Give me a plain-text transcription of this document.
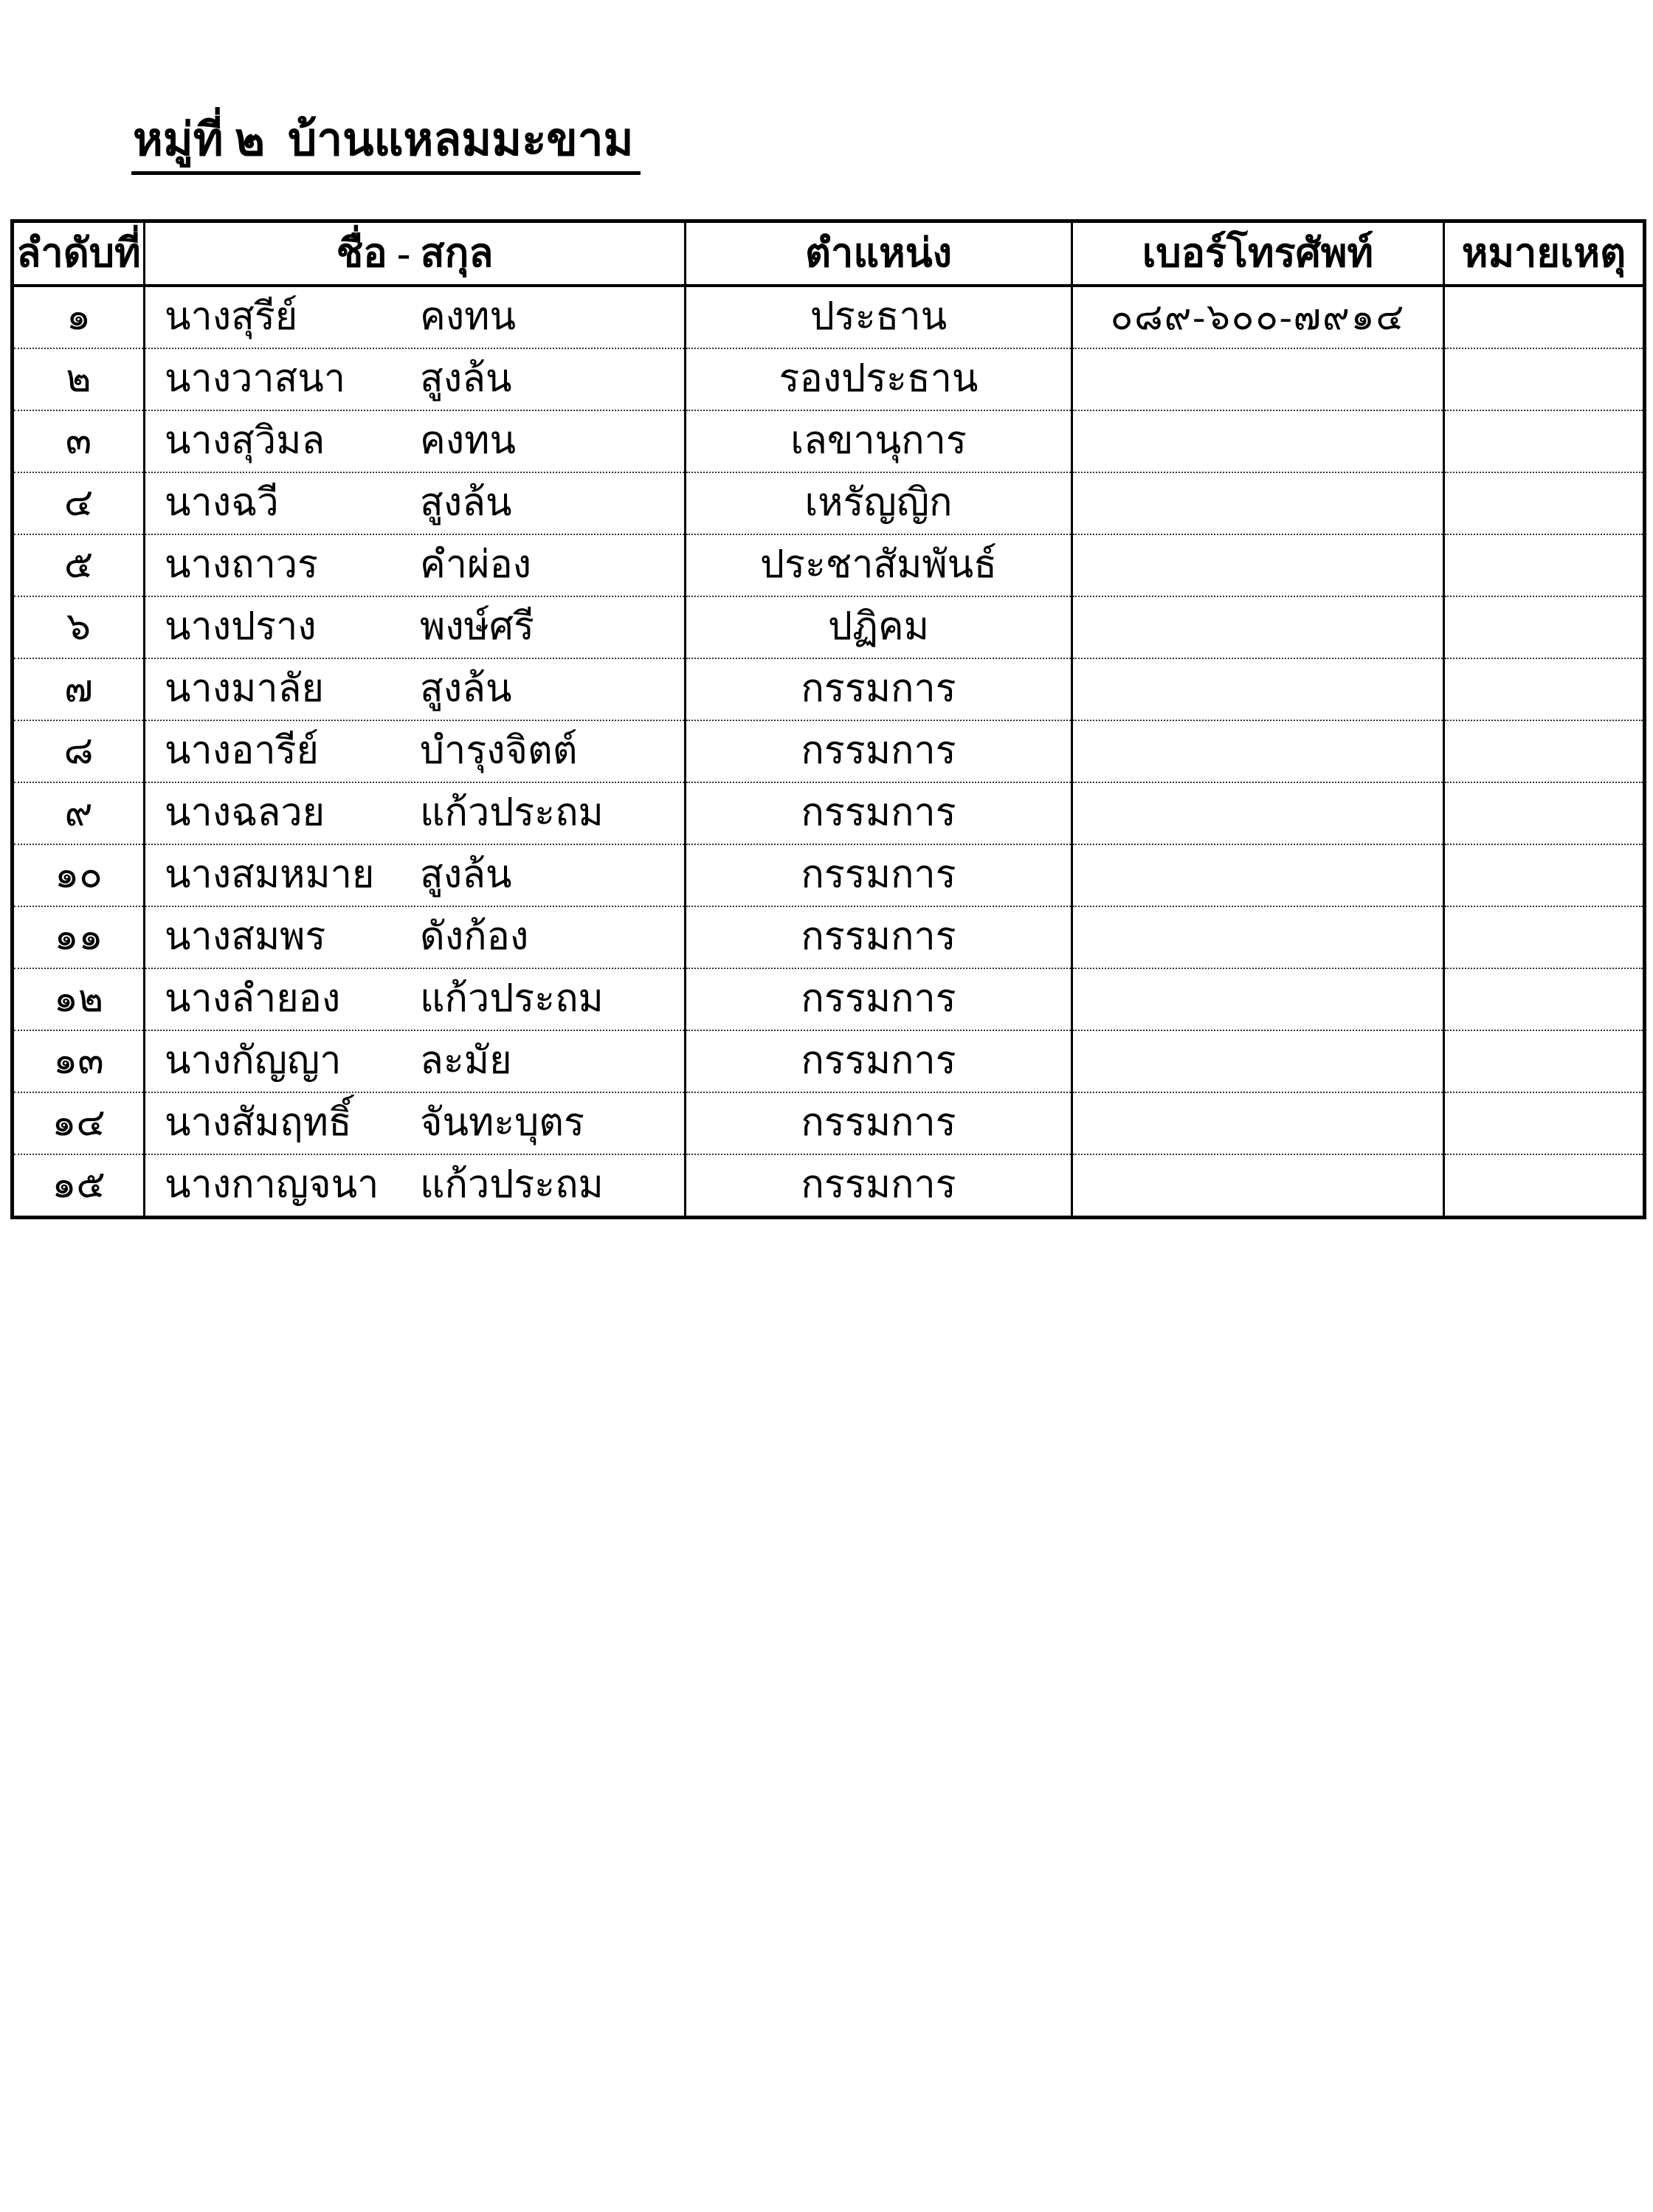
หมู่ที่ ๒  บ้านแหลมมะขาม
ลำดับที่	ชื่อ - สกุล	ตำแหน่ง	เบอร์โทรศัพท์	หมายเหตุ
๑	นางสุรีย์ คงทน	ประธาน	๐๘๙-๖๐๐-๗๙๑๔	
๒	นางวาสนา สูงล้น	รองประธาน		
๓	นางสุวิมล คงทน	เลขานุการ		
๔	นางฉวี สูงล้น	เหรัญญิก		
๕	นางถาวร คำผ่อง	ประชาสัมพันธ์		
๖	นางปราง พงษ์ศรี	ปฏิคม		
๗	นางมาลัย สูงล้น	กรรมการ		
๘	นางอารีย์ บำรุงจิตต์	กรรมการ		
๙	นางฉลวย แก้วประถม	กรรมการ		
๑๐	นางสมหมาย สูงล้น	กรรมการ		
๑๑	นางสมพร ดังก้อง	กรรมการ		
๑๒	นางลำยอง แก้วประถม	กรรมการ		
๑๓	นางกัญญา ละมัย	กรรมการ		
๑๔	นางสัมฤทธิ์ จันทะบุตร	กรรมการ		
๑๕	นางกาญจนา แก้วประถม	กรรมการ		
